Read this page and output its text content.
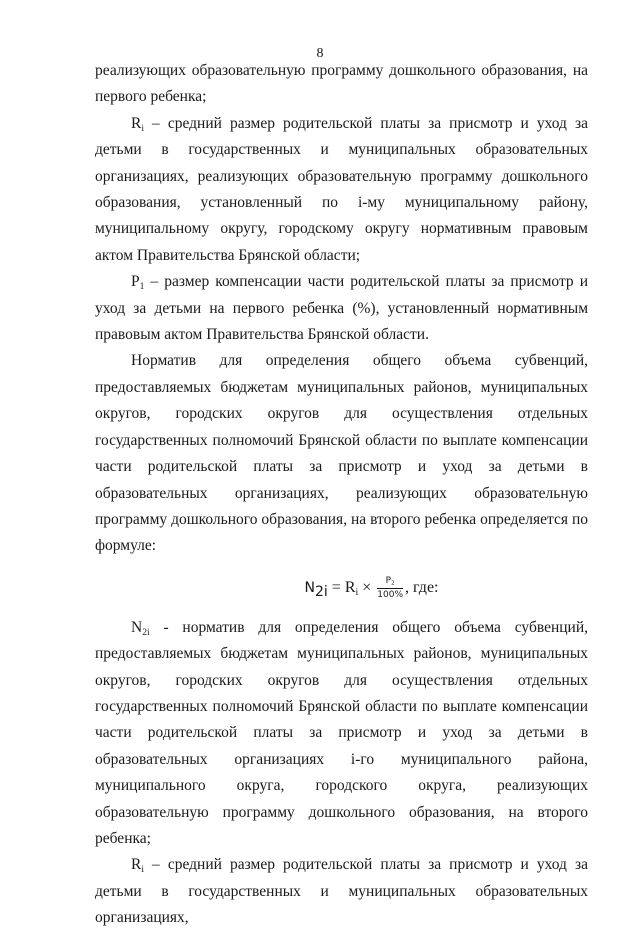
8

реализующих образовательную программу дошкольного образования, на первого ребенка;

$R_i$ – средний размер родительской платы за присмотр и уход за детьми в государственных и муниципальных образовательных организациях, реализующих образовательную программу дошкольного образования, установленный по i-му муниципальному району, муниципальному округу, городскому округу нормативным правовым актом Правительства Брянской области;

$P_1$ – размер компенсации части родительской платы за присмотр и уход за детьми на первого ребенка (%), установленный нормативным правовым актом Правительства Брянской области.

Норматив для определения общего объема субвенций, предоставляемых бюджетам муниципальных районов, муниципальных округов, городских округов для осуществления отдельных государственных полномочий Брянской области по выплате компенсации части родительской платы за присмотр и уход за детьми в образовательных организациях, реализующих образовательную программу дошкольного образования, на второго ребенка определяется по формуле:

$N_{2i} = R_i \times \frac{P_2}{100\%}$ , где:

$N_{2i}$ - норматив для определения общего объема субвенций, предоставляемых бюджетам муниципальных районов, муниципальных округов, городских округов для осуществления отдельных государственных полномочий Брянской области по выплате компенсации части родительской платы за присмотр и уход за детьми в образовательных организациях i-го муниципального района, муниципального округа, городского округа, реализующих образовательную программу дошкольного образования, на второго ребенка;

$R_i$ – средний размер родительской платы за присмотр и уход за детьми в государственных и муниципальных образовательных организациях,
